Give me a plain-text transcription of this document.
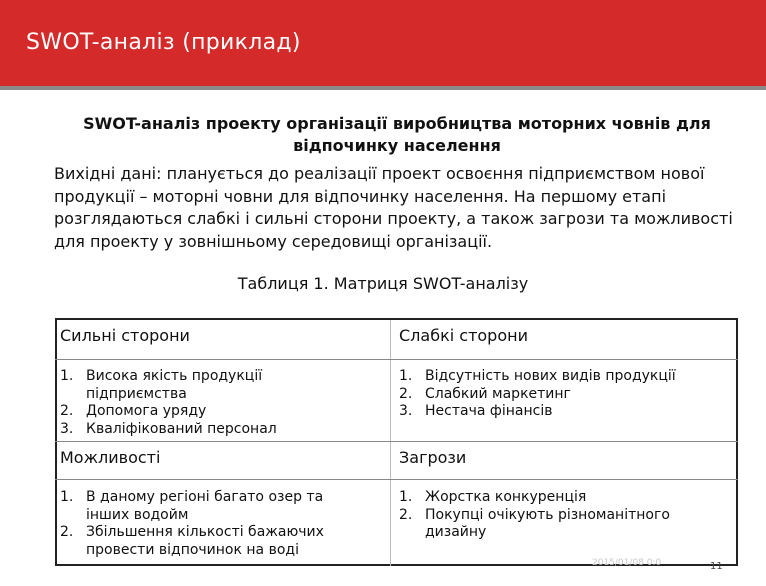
SWOT-аналіз (приклад)
SWOT-аналіз проекту організації виробництва моторних човнів для відпочинку населення
Вихідні дані: планується до реалізації проект освоєння підприємством нової продукції – моторні човни для відпочинку населення. На першому етапі розглядаються слабкі і сильні сторони проекту, а також загрози та можливості для проекту у зовнішньому середовищі організації.
Таблиця 1. Матриця SWOT-аналізу
Сильні сторони
1. Висока якість продукції підприємства
2. Допомога уряду
3. Кваліфікований персонал
Слабкі сторони
1. Відсутність нових видів продукції
2. Слабкий маркетинг
3. Нестача фінансів
Можливості
1. В даному регіоні багато озер та інших водойм
2. Збільшення кількості бажаючих провести відпочинок на воді
Загрози
1. Жорстка конкуренція
2. Покупці очікують різноманітного дизайну
2015/01/08 0:0	11
